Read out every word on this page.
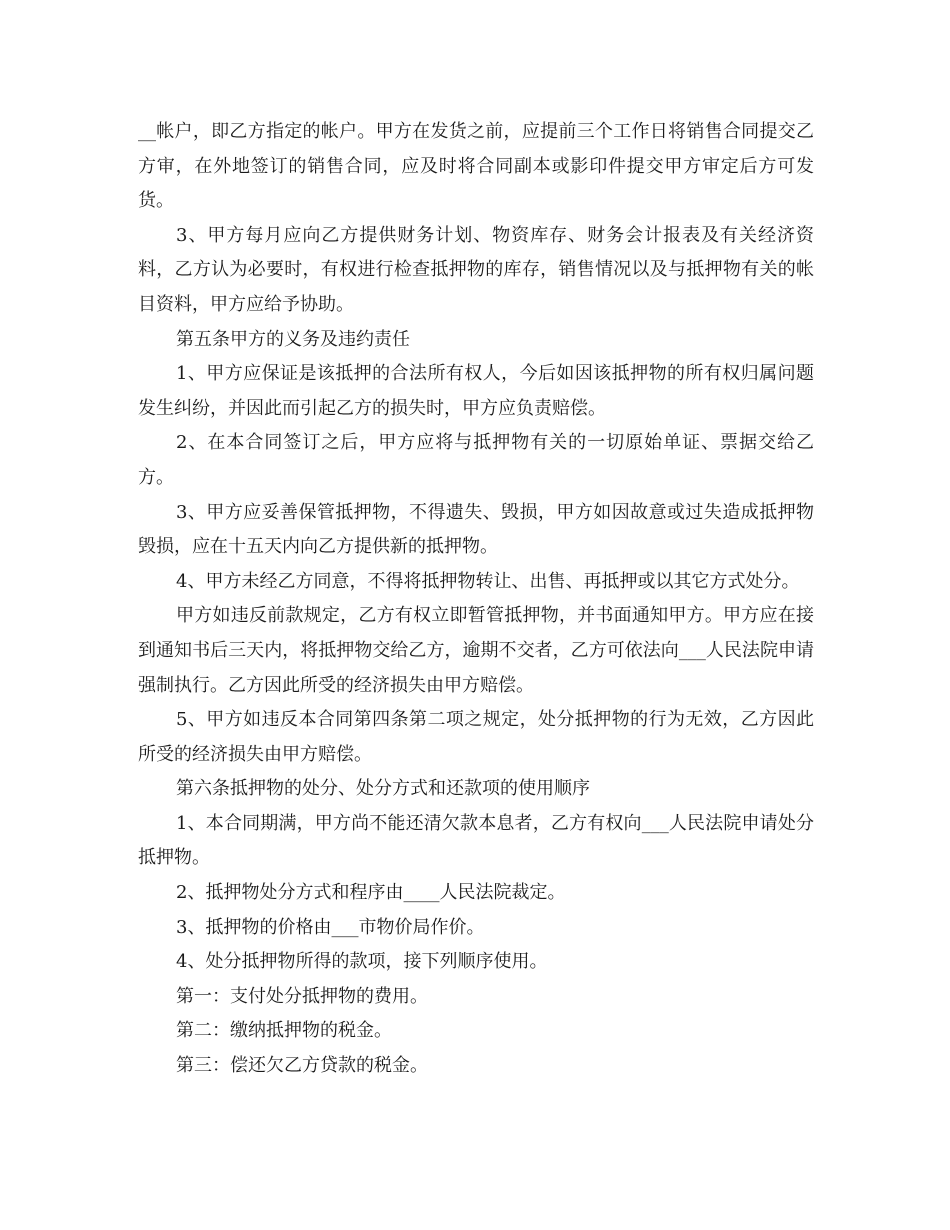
__帐户，即乙方指定的帐户。甲方在发货之前，应提前三个工作日将销售合同提交乙方审，在外地签订的销售合同，应及时将合同副本或影印件提交甲方审定后方可发货。

3、甲方每月应向乙方提供财务计划、物资库存、财务会计报表及有关经济资料，乙方认为必要时，有权进行检查抵押物的库存，销售情况以及与抵押物有关的帐目资料，甲方应给予协助。

第五条甲方的义务及违约责任

1、甲方应保证是该抵押的合法所有权人，今后如因该抵押物的所有权归属问题发生纠纷，并因此而引起乙方的损失时，甲方应负责赔偿。

2、在本合同签订之后，甲方应将与抵押物有关的一切原始单证、票据交给乙方。

3、甲方应妥善保管抵押物，不得遗失、毁损，甲方如因故意或过失造成抵押物毁损，应在十五天内向乙方提供新的抵押物。

4、甲方未经乙方同意，不得将抵押物转让、出售、再抵押或以其它方式处分。

甲方如违反前款规定，乙方有权立即暂管抵押物，并书面通知甲方。甲方应在接到通知书后三天内，将抵押物交给乙方，逾期不交者，乙方可依法向___人民法院申请强制执行。乙方因此所受的经济损失由甲方赔偿。

5、甲方如违反本合同第四条第二项之规定，处分抵押物的行为无效，乙方因此所受的经济损失由甲方赔偿。

第六条抵押物的处分、处分方式和还款项的使用顺序

1、本合同期满，甲方尚不能还清欠款本息者，乙方有权向___人民法院申请处分抵押物。

2、抵押物处分方式和程序由____人民法院裁定。

3、抵押物的价格由___市物价局作价。

4、处分抵押物所得的款项，接下列顺序使用。

第一：支付处分抵押物的费用。

第二：缴纳抵押物的税金。

第三：偿还欠乙方贷款的税金。
